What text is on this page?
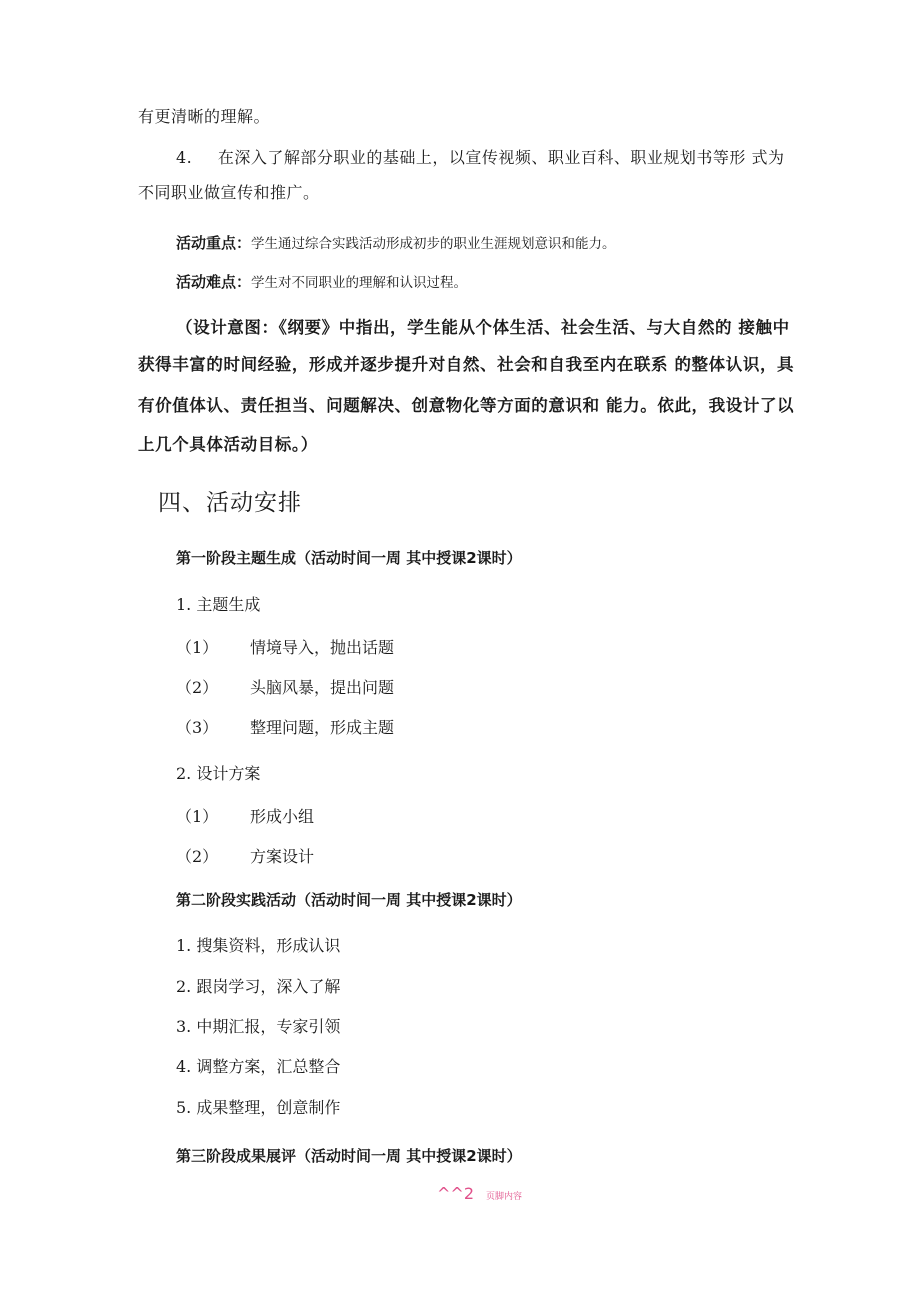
有更清晰的理解。
4. 在深入了解部分职业的基础上，以宣传视频、职业百科、职业规划书等形 式为
不同职业做宣传和推广。
活动重点：学生通过综合实践活动形成初步的职业生涯规划意识和能力。
活动难点：学生对不同职业的理解和认识过程。
（设计意图：《纲要》中指出，学生能从个体生活、社会生活、与大自然的 接触中
获得丰富的时间经验，形成并逐步提升对自然、社会和自我至内在联系 的整体认识，具
有价值体认、责任担当、问题解决、创意物化等方面的意识和 能力。依此，我设计了以
上几个具体活动目标。）
四、活动安排
第一阶段主题生成（活动时间一周 其中授课2课时）
1. 主题生成
（1） 情境导入，抛出话题
（2） 头脑风暴，提出问题
（3） 整理问题，形成主题
2. 设计方案
（1） 形成小组
（2） 方案设计
第二阶段实践活动（活动时间一周 其中授课2课时）
1. 搜集资料，形成认识
2. 跟岗学习，深入了解
3. 中期汇报，专家引领
4. 调整方案，汇总整合
5. 成果整理，创意制作
第三阶段成果展评（活动时间一周 其中授课2课时）
^^2 页脚内容
